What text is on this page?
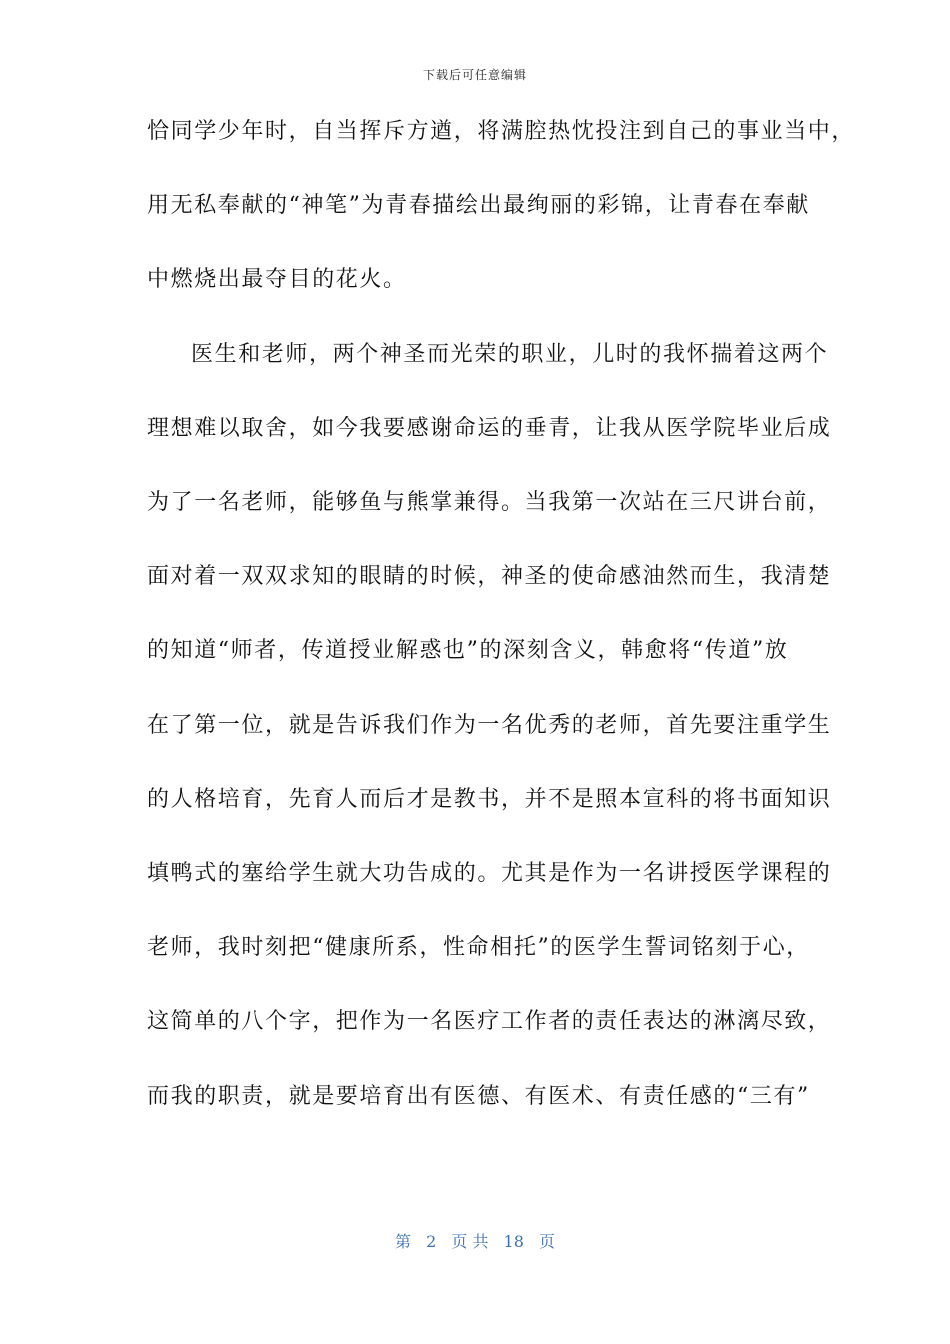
下载后可任意编辑
恰同学少年时，自当挥斥方遒，将满腔热忱投注到自己的事业当中，
用无私奉献的“神笔”为青春描绘出最绚丽的彩锦，让青春在奉献
中燃烧出最夺目的花火。
医生和老师，两个神圣而光荣的职业，儿时的我怀揣着这两个
理想难以取舍，如今我要感谢命运的垂青，让我从医学院毕业后成
为了一名老师，能够鱼与熊掌兼得。当我第一次站在三尺讲台前，
面对着一双双求知的眼睛的时候，神圣的使命感油然而生，我清楚
的知道“师者，传道授业解惑也”的深刻含义，韩愈将“传道”放
在了第一位，就是告诉我们作为一名优秀的老师，首先要注重学生
的人格培育，先育人而后才是教书，并不是照本宣科的将书面知识
填鸭式的塞给学生就大功告成的。尤其是作为一名讲授医学课程的
老师，我时刻把“健康所系，性命相托”的医学生誓词铭刻于心，
这简单的八个字，把作为一名医疗工作者的责任表达的淋漓尽致，
而我的职责，就是要培育出有医德、有医术、有责任感的“三有”
第 2 页 共 18 页
